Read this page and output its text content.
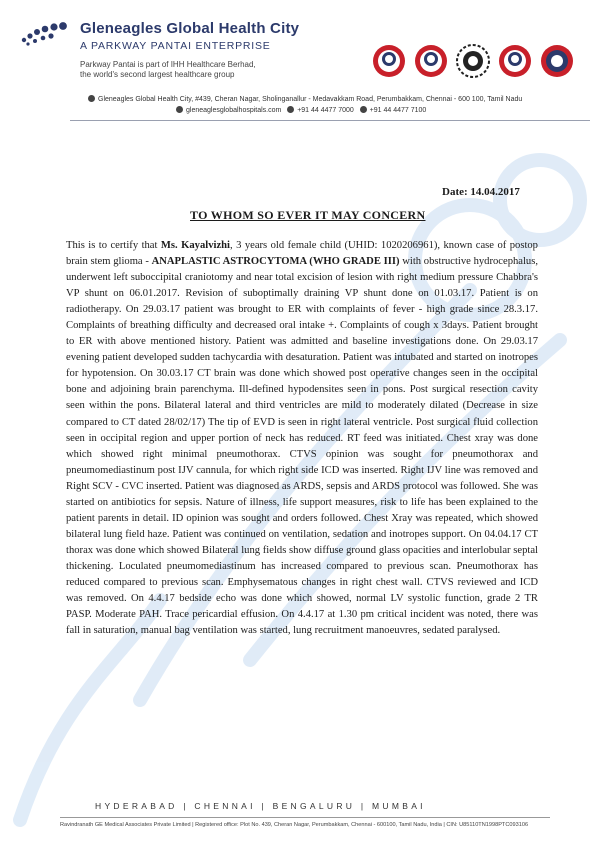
Gleneagles Global Health City
A PARKWAY PANTAI ENTERPRISE
Parkway Pantai is part of IHH Healthcare Berhad,
the world's second largest healthcare group
Gleneagles Global Health City, #439, Cheran Nagar, Sholinganallur - Medavakkam Road, Perumbakkam, Chennai - 600 100, Tamil Nadu
gleneaglesglobalhospitals.com +91 44 4477 7000 +91 44 4477 7100
Date: 14.04.2017
TO WHOM SO EVER IT MAY CONCERN
This is to certify that Ms. Kayalvizhi, 3 years old female child (UHID: 1020206961), known case of postop brain stem glioma - ANAPLASTIC ASTROCYTOMA (WHO GRADE III) with obstructive hydrocephalus, underwent left suboccipital craniotomy and near total excision of lesion with right medium pressure Chabbra's VP shunt on 06.01.2017. Revision of suboptimally draining VP shunt done on 01.03.17. Patient is on radiotherapy. On 29.03.17 patient was brought to ER with complaints of fever - high grade since 28.3.17. Complaints of breathing difficulty and decreased oral intake +. Complaints of cough x 3days. Patient brought to ER with above mentioned history. Patient was admitted and baseline investigations done. On 29.03.17 evening patient developed sudden tachycardia with desaturation. Patient was intubated and started on inotropes for hypotension. On 30.03.17 CT brain was done which showed post operative changes seen in the occipital bone and adjoining brain parenchyma. Ill-defined hypodensites seen in pons. Post surgical resection cavity seen within the pons. Bilateral lateral and third ventricles are mild to moderately dilated (Decrease in size compared to CT dated 28/02/17) The tip of EVD is seen in right lateral ventricle. Post surgical fluid collection seen in occipital region and upper portion of neck has reduced. RT feed was initiated. Chest xray was done which showed right minimal pneumothorax. CTVS opinion was sought for pneumothorax and pneumomediastinum post IJV cannula, for which right side ICD was inserted. Right IJV line was removed and Right SCV - CVC inserted. Patient was diagnosed as ARDS, sepsis and ARDS protocol was followed. She was started on antibiotics for sepsis. Nature of illness, life support measures, risk to life has been explained to the patient parents in detail. ID opinion was sought and orders followed. Chest Xray was repeated, which showed bilateral lung field haze. Patient was continued on ventilation, sedation and inotropes support. On 04.04.17 CT thorax was done which showed Bilateral lung fields show diffuse ground glass opacities and interlobular septal thickening. Loculated pneumomediastinum has increased compared to previous scan. Pneumothorax has reduced compared to previous scan. Emphysematous changes in right chest wall. CTVS reviewed and ICD was removed. On 4.4.17 bedside echo was done which showed, normal LV systolic function, grade 2 TR PASP. Moderate PAH. Trace pericardial effusion. On 4.4.17 at 1.30 pm critical incident was noted, there was fall in saturation, manual bag ventilation was started, lung recruitment manoeuvres, sedated paralysed.
HYDERABAD | CHENNAI | BENGALURU | MUMBAI
Ravindranath GE Medical Associates Private Limited | Registered office: Plot No. 439, Cheran Nagar, Perumbakkam, Chennai - 600100, Tamil Nadu, India | CIN: U85110TN1998PTC093106
